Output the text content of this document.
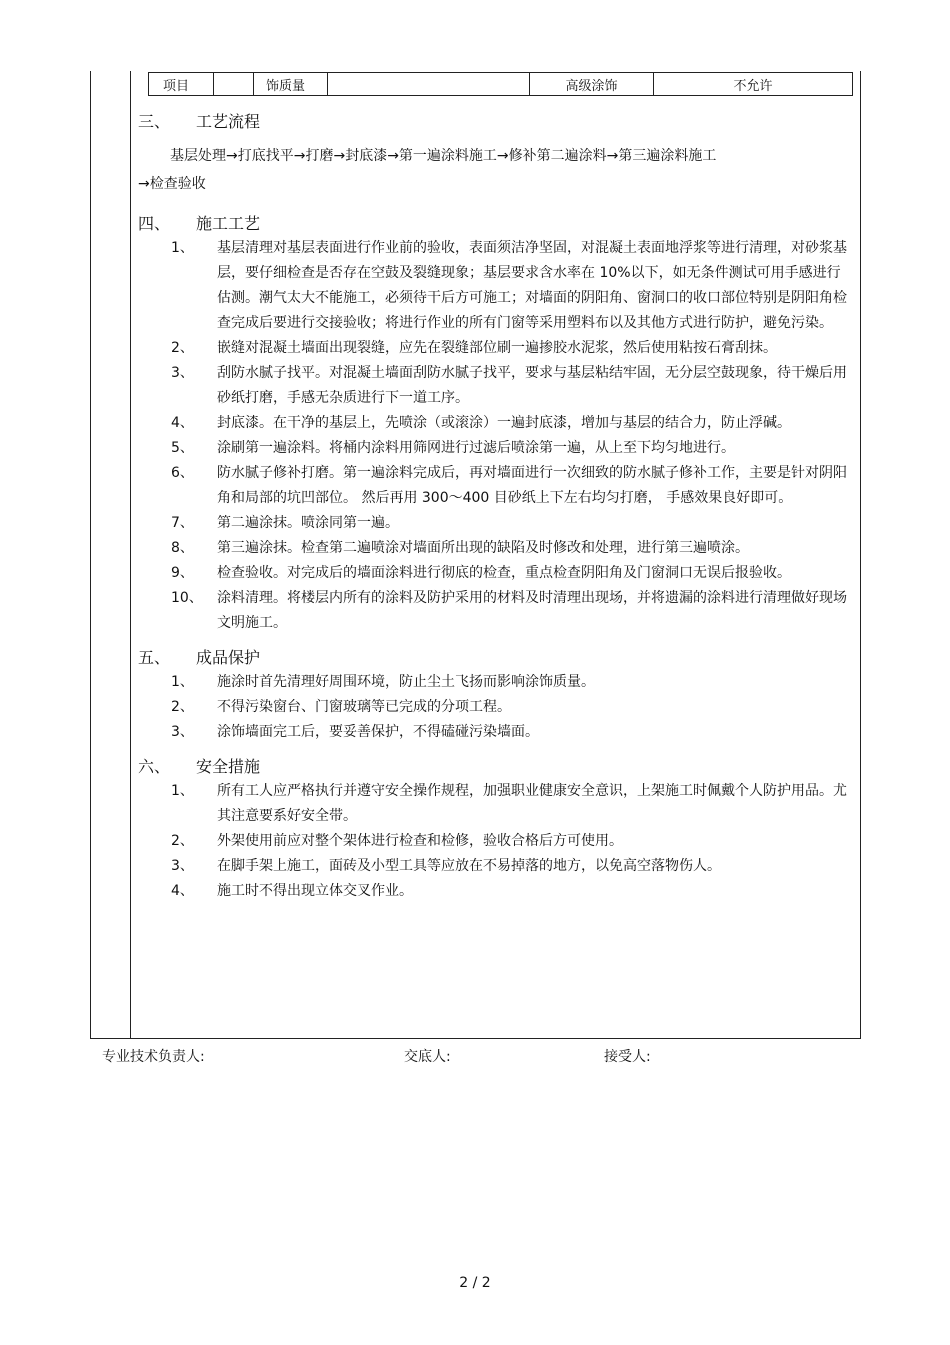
项目	饰质量	高级涂饰	不允许
三、	工艺流程
基层处理→打底找平→打磨→封底漆→第一遍涂料施工→修补第二遍涂料→第三遍涂料施工
→检查验收
四、	施工工艺
1、	基层清理对基层表面进行作业前的验收，表面须洁净坚固，对混凝土表面地浮浆等进行清理，对砂浆基层，要仔细检查是否存在空鼓及裂缝现象；基层要求含水率在 10%以下，如无条件测试可用手感进行估测。潮气太大不能施工，必须待干后方可施工；对墙面的阴阳角、窗洞口的收口部位特别是阴阳角检查完成后要进行交接验收；将进行作业的所有门窗等采用塑料布以及其他方式进行防护，避免污染。
2、	嵌缝对混凝土墙面出现裂缝，应先在裂缝部位刷一遍掺胶水泥浆，然后使用粘按石膏刮抹。
3、	刮防水腻子找平。对混凝土墙面刮防水腻子找平，要求与基层粘结牢固，无分层空鼓现象，待干燥后用砂纸打磨，手感无杂质进行下一道工序。
4、	封底漆。在干净的基层上，先喷涂（或滚涂）一遍封底漆，增加与基层的结合力，防止浮碱。
5、	涂刷第一遍涂料。将桶内涂料用筛网进行过滤后喷涂第一遍，从上至下均匀地进行。
6、	防水腻子修补打磨。第一遍涂料完成后，再对墙面进行一次细致的防水腻子修补工作，主要是针对阴阳角和局部的坑凹部位。 然后再用 300～400 目砂纸上下左右均匀打磨， 手感效果良好即可。
7、	第二遍涂抹。喷涂同第一遍。
8、	第三遍涂抹。检查第二遍喷涂对墙面所出现的缺陷及时修改和处理，进行第三遍喷涂。
9、	检查验收。对完成后的墙面涂料进行彻底的检查，重点检查阴阳角及门窗洞口无误后报验收。
10、	涂料清理。将楼层内所有的涂料及防护采用的材料及时清理出现场，并将遗漏的涂料进行清理做好现场文明施工。
五、	成品保护
1、	施涂时首先清理好周围环境，防止尘土飞扬而影响涂饰质量。
2、	不得污染窗台、门窗玻璃等已完成的分项工程。
3、	涂饰墙面完工后，要妥善保护，不得磕碰污染墙面。
六、	安全措施
1、	所有工人应严格执行并遵守安全操作规程，加强职业健康安全意识，上架施工时佩戴个人防护用品。尤其注意要系好安全带。
2、	外架使用前应对整个架体进行检查和检修，验收合格后方可使用。
3、	在脚手架上施工，面砖及小型工具等应放在不易掉落的地方，以免高空落物伤人。
4、	施工时不得出现立体交叉作业。
专业技术负责人:	交底人:	接受人:
2 / 2
